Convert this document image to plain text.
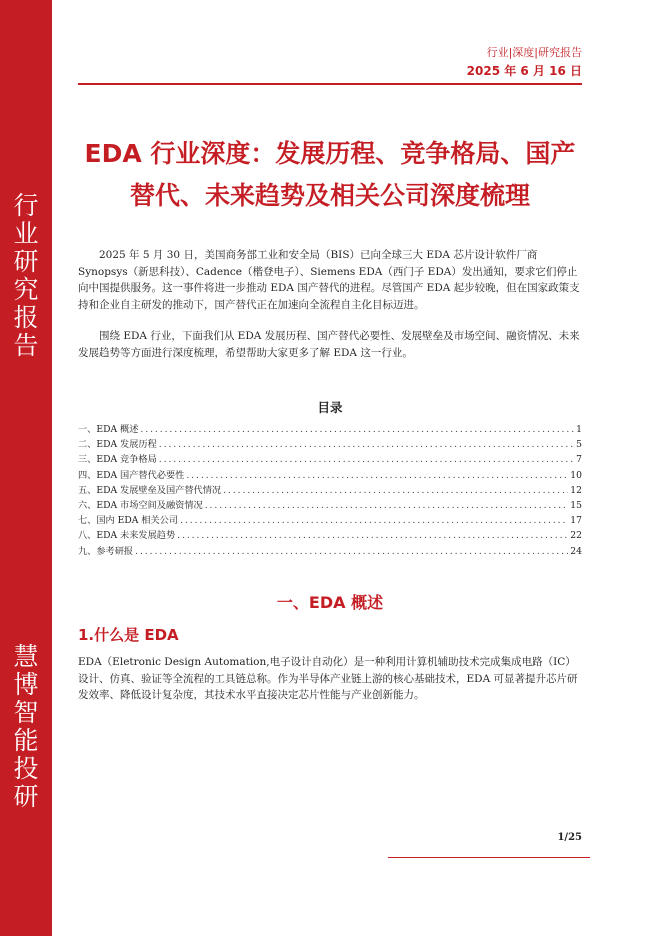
行业研究报告
慧博智能投研
行业|深度|研究报告
2025 年 6 月 16 日
EDA 行业深度：发展历程、竞争格局、国产替代、未来趋势及相关公司深度梳理
2025 年 5 月 30 日，美国商务部工业和安全局（BIS）已向全球三大 EDA 芯片设计软件厂商 Synopsys（新思科技）、Cadence（楷登电子）、Siemens EDA（西门子 EDA）发出通知，要求它们停止向中国提供服务。这一事件将进一步推动 EDA 国产替代的进程。尽管国产 EDA 起步较晚，但在国家政策支持和企业自主研发的推动下，国产替代正在加速向全流程自主化目标迈进。
围绕 EDA 行业，下面我们从 EDA 发展历程、国产替代必要性、发展壁垒及市场空间、融资情况、未来发展趋势等方面进行深度梳理，希望帮助大家更多了解 EDA 这一行业。
目录
一、EDA 概述 . . .	1
二、EDA 发展历程 . . .	5
三、EDA 竞争格局 . . .	7
四、EDA 国产替代必要性 . . .	10
五、EDA 发展壁垒及国产替代情况 . . .	12
六、EDA 市场空间及融资情况 . . .	15
七、国内 EDA 相关公司 . . .	17
八、EDA 未来发展趋势 . . .	22
九、参考研报 . . .	24
一、EDA 概述
1.什么是 EDA
EDA（Eletronic Design Automation,电子设计自动化）是一种利用计算机辅助技术完成集成电路（IC）设计、仿真、验证等全流程的工具链总称。作为半导体产业链上游的核心基础技术，EDA 可显著提升芯片研发效率、降低设计复杂度，其技术水平直接决定芯片性能与产业创新能力。
1/25
